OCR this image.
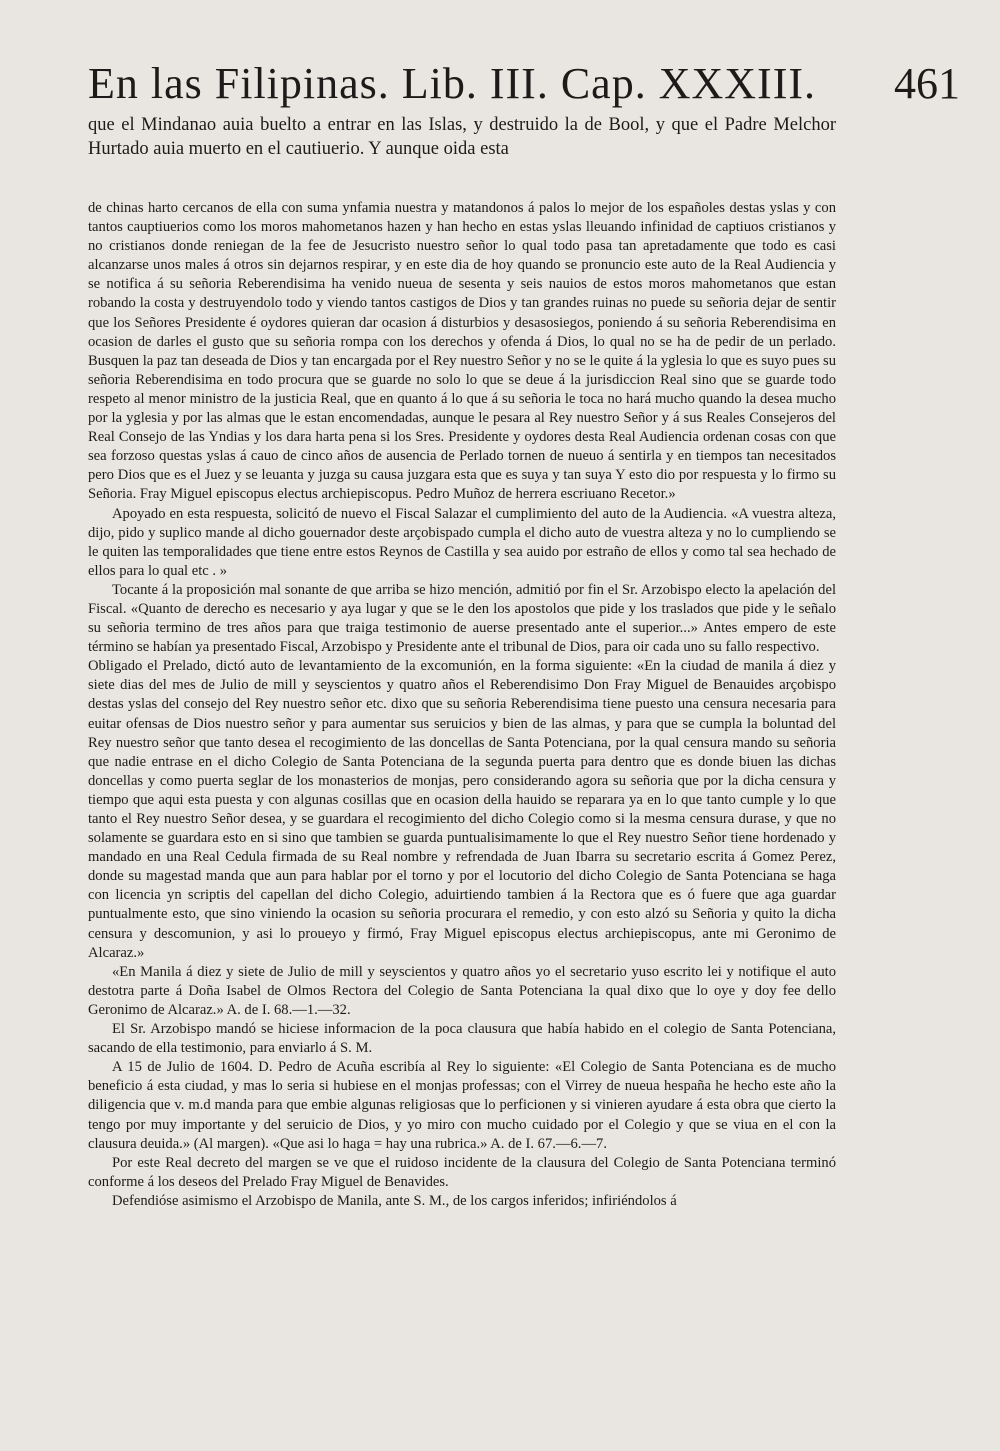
En las Filipinas. Lib. III. Cap. XXXIII. 461

que el Mindanao auia buelto a entrar en las Islas, y destruido la de Bool, y que el Padre Melchor Hurtado auia muerto en el cautiuerio. Y aunque oida esta

de chinas harto cercanos de ella con suma ynfamia nuestra y matandonos á palos lo mejor de los españoles destas yslas y con tantos cauptiuerios como los moros mahometanos hazen y han hecho en estas yslas lleuando infinidad de captiuos cristianos y no cristianos donde reniegan de la fee de Jesucristo nuestro señor lo qual todo pasa tan apretadamente que todo es casi alcanzarse unos males á otros sin dejarnos respirar, y en este dia de hoy quando se pronuncio este auto de la Real Audiencia y se notifica á su señoria Reberendisima ha venido nueua de sesenta y seis nauios de estos moros mahometanos que estan robando la costa y destruyendolo todo y viendo tantos castigos de Dios y tan grandes ruinas no puede su señoria dejar de sentir que los Señores Presidente é oydores quieran dar ocasion á disturbios y desasosiegos, poniendo á su señoria Reberendisima en ocasion de darles el gusto que su señoria rompa con los derechos y ofenda á Dios, lo qual no se ha de pedir de un perlado. Busquen la paz tan deseada de Dios y tan encargada por el Rey nuestro Señor y no se le quite á la yglesia lo que es suyo pues su señoria Reberendisima en todo procura que se guarde no solo lo que se deue á la jurisdiccion Real sino que se guarde todo respeto al menor ministro de la justicia Real, que en quanto á lo que á su señoria le toca no hará mucho quando la desea mucho por la yglesia y por las almas que le estan encomendadas, aunque le pesara al Rey nuestro Señor y á sus Reales Consejeros del Real Consejo de las Yndias y los dara harta pena si los Sres. Presidente y oydores desta Real Audiencia ordenan cosas con que sea forzoso questas yslas á cauo de cinco años de ausencia de Perlado tornen de nueuo á sentirla y en tiempos tan necesitados pero Dios que es el Juez y se leuanta y juzga su causa juzgara esta que es suya y tan suya Y esto dio por respuesta y lo firmo su Señoria. Fray Miguel episcopus electus archiepiscopus. Pedro Muñoz de herrera escriuano Recetor.»

Apoyado en esta respuesta, solicitó de nuevo el Fiscal Salazar el cumplimiento del auto de la Audiencia. «A vuestra alteza, dijo, pido y suplico mande al dicho gouernador deste arçobispado cumpla el dicho auto de vuestra alteza y no lo cumpliendo se le quiten las temporalidades que tiene entre estos Reynos de Castilla y sea auido por estraño de ellos y como tal sea hechado de ellos para lo qual etc . »

Tocante á la proposición mal sonante de que arriba se hizo mención, admitió por fin el Sr. Arzobispo electo la apelación del Fiscal. «Quanto de derecho es necesario y aya lugar y que se le den los apostolos que pide y los traslados que pide y le señalo su señoria termino de tres años para que traiga testimonio de auerse presentado ante el superior...» Antes empero de este término se habían ya presentado Fiscal, Arzobispo y Presidente ante el tribunal de Dios, para oir cada uno su fallo respectivo.

Obligado el Prelado, dictó auto de levantamiento de la excomunión, en la forma siguiente: «En la ciudad de manila á diez y siete dias del mes de Julio de mill y seyscientos y quatro años el Reberendisimo Don Fray Miguel de Benauides arçobispo destas yslas del consejo del Rey nuestro señor etc. dixo que su señoria Reberendisima tiene puesto una censura necesaria para euitar ofensas de Dios nuestro señor y para aumentar sus seruicios y bien de las almas, y para que se cumpla la boluntad del Rey nuestro señor que tanto desea el recogimiento de las doncellas de Santa Potenciana, por la qual censura mando su señoria que nadie entrase en el dicho Colegio de Santa Potenciana de la segunda puerta para dentro que es donde biuen las dichas doncellas y como puerta seglar de los monasterios de monjas, pero considerando agora su señoria que por la dicha censura y tiempo que aqui esta puesta y con algunas cosillas que en ocasion della hauido se reparara ya en lo que tanto cumple y lo que tanto el Rey nuestro Señor desea, y se guardara el recogimiento del dicho Colegio como si la mesma censura durase, y que no solamente se guardara esto en si sino que tambien se guarda puntualisimamente lo que el Rey nuestro Señor tiene hordenado y mandado en una Real Cedula firmada de su Real nombre y refrendada de Juan Ibarra su secretario escrita á Gomez Perez, donde su magestad manda que aun para hablar por el torno y por el locutorio del dicho Colegio de Santa Potenciana se haga con licencia yn scriptis del capellan del dicho Colegio, aduirtiendo tambien á la Rectora que es ó fuere que aga guardar puntualmente esto, que sino viniendo la ocasion su señoria procurara el remedio, y con esto alzó su Señoria y quito la dicha censura y descomunion, y asi lo proueyo y firmó, Fray Miguel episcopus electus archiepiscopus, ante mi Geronimo de Alcaraz.»

«En Manila á diez y siete de Julio de mill y seyscientos y quatro años yo el secretario yuso escrito lei y notifique el auto destotra parte á Doña Isabel de Olmos Rectora del Colegio de Santa Potenciana la qual dixo que lo oye y doy fee dello Geronimo de Alcaraz.» A. de I. 68.—1.—32.

El Sr. Arzobispo mandó se hiciese informacion de la poca clausura que había habido en el colegio de Santa Potenciana, sacando de ella testimonio, para enviarlo á S. M.

A 15 de Julio de 1604. D. Pedro de Acuña escribía al Rey lo siguiente: «El Colegio de Santa Potenciana es de mucho beneficio á esta ciudad, y mas lo seria si hubiese en el monjas professas; con el Virrey de nueua hespaña he hecho este año la diligencia que v. m.d manda para que embie algunas religiosas que lo perficionen y si vinieren ayudare á esta obra que cierto la tengo por muy importante y del seruicio de Dios, y yo miro con mucho cuidado por el Colegio y que se viua en el con la clausura deuida.» (Al margen). «Que asi lo haga = hay una rubrica.» A. de I. 67.—6.—7.

Por este Real decreto del margen se ve que el ruidoso incidente de la clausura del Colegio de Santa Potenciana terminó conforme á los deseos del Prelado Fray Miguel de Benavides.

Defendióse asimismo el Arzobispo de Manila, ante S. M., de los cargos inferidos; infiriéndolos á
